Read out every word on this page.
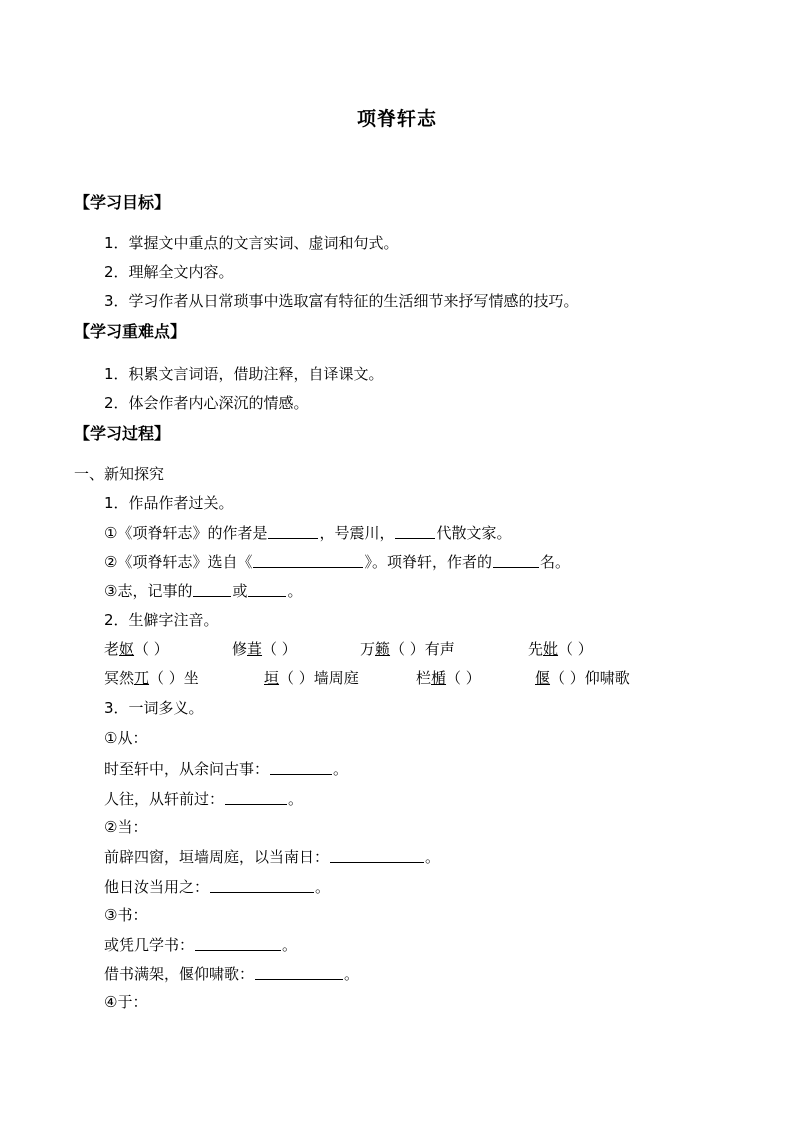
项脊轩志
【学习目标】
1．掌握文中重点的文言实词、虚词和句式。
2．理解全文内容。
3．学习作者从日常琐事中选取富有特征的生活细节来抒写情感的技巧。
【学习重难点】
1．积累文言词语，借助注释，自译课文。
2．体会作者内心深沉的情感。
【学习过程】
一、新知探究
1．作品作者过关。
①《项脊轩志》的作者是	，号震川，	代散文家。
②《项脊轩志》选自《	》。项脊轩，作者的	名。
③志，记事的	或	。
2．生僻字注音。
老妪（ ）	修葺（ ）	万籁（ ）有声	先妣（ ）
冥然兀（ ）坐	垣（ ）墙周庭	栏楯（ ）	偃（ ）仰啸歌
3．一词多义。
①从：
时至轩中，从余问古事：	。
人往，从轩前过：	。
②当：
前辟四窗，垣墙周庭，以当南日：	。
他日汝当用之：	。
③书：
或凭几学书：	。
借书满架，偃仰啸歌：	。
④于：
